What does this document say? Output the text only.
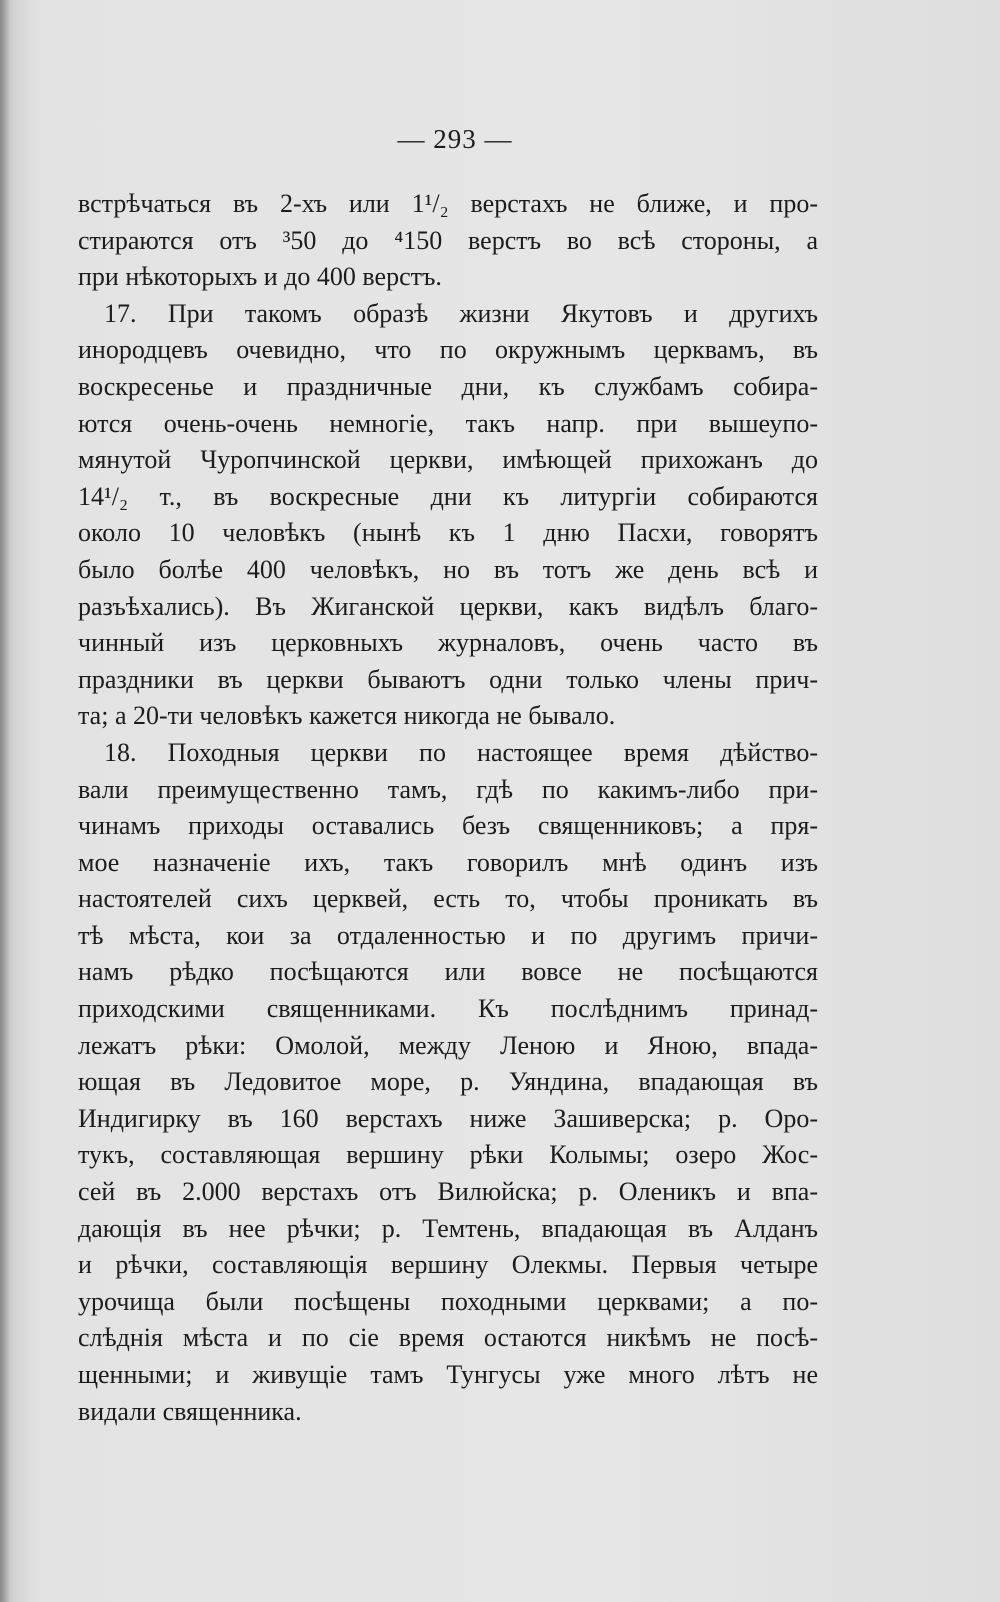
— 293 —
встрѣчаться въ 2-хъ или 1¹/₂ верстахъ не ближе, и про-
стираются отъ ³50 до ⁴150 верстъ во всѣ стороны, а
при нѣкоторыхъ и до 400 верстъ.
17. При такомъ образѣ жизни Якутовъ и другихъ
инородцевъ очевидно, что по окружнымъ церквамъ, въ
воскресенье и праздничные дни, къ службамъ собира-
ются очень-очень немногіе, такъ напр. при вышеупо-
мянутой Чуропчинской церкви, имѣющей прихожанъ до
14¹/₂ т., въ воскресные дни къ литургіи собираются
около 10 человѣкъ (нынѣ къ 1 дню Пасхи, говорятъ
было болѣе 400 человѣкъ, но въ тотъ же день всѣ и
разъѣхались). Въ Жиганской церкви, какъ видѣлъ благо-
чинный изъ церковныхъ журналовъ, очень часто въ
праздники въ церкви бываютъ одни только члены прич-
та; а 20-ти человѣкъ кажется никогда не бывало.
18. Походныя церкви по настоящее время дѣйство-
вали преимущественно тамъ, гдѣ по какимъ-либо при-
чинамъ приходы оставались безъ священниковъ; а пря-
мое назначеніе ихъ, такъ говорилъ мнѣ одинъ изъ
настоятелей сихъ церквей, есть то, чтобы проникать въ
тѣ мѣста, кои за отдаленностью и по другимъ причи-
намъ рѣдко посѣщаются или вовсе не посѣщаются
приходскими священниками. Къ послѣднимъ принад-
лежатъ рѣки: Омолой, между Леною и Яною, впада-
ющая въ Ледовитое море, р. Уяндина, впадающая въ
Индигирку въ 160 верстахъ ниже Зашиверска; р. Оро-
тукъ, составляющая вершину рѣки Колымы; озеро Жос-
сей въ 2.000 верстахъ отъ Вилюйска; р. Оленикъ и впа-
дающія въ нее рѣчки; р. Темтень, впадающая въ Алданъ
и рѣчки, составляющія вершину Олекмы. Первыя четыре
урочища были посѣщены походными церквами; а по-
слѣднія мѣста и по сіе время остаются никѣмъ не посѣ-
щенными; и живущіе тамъ Тунгусы уже много лѣтъ не
видали священника.
